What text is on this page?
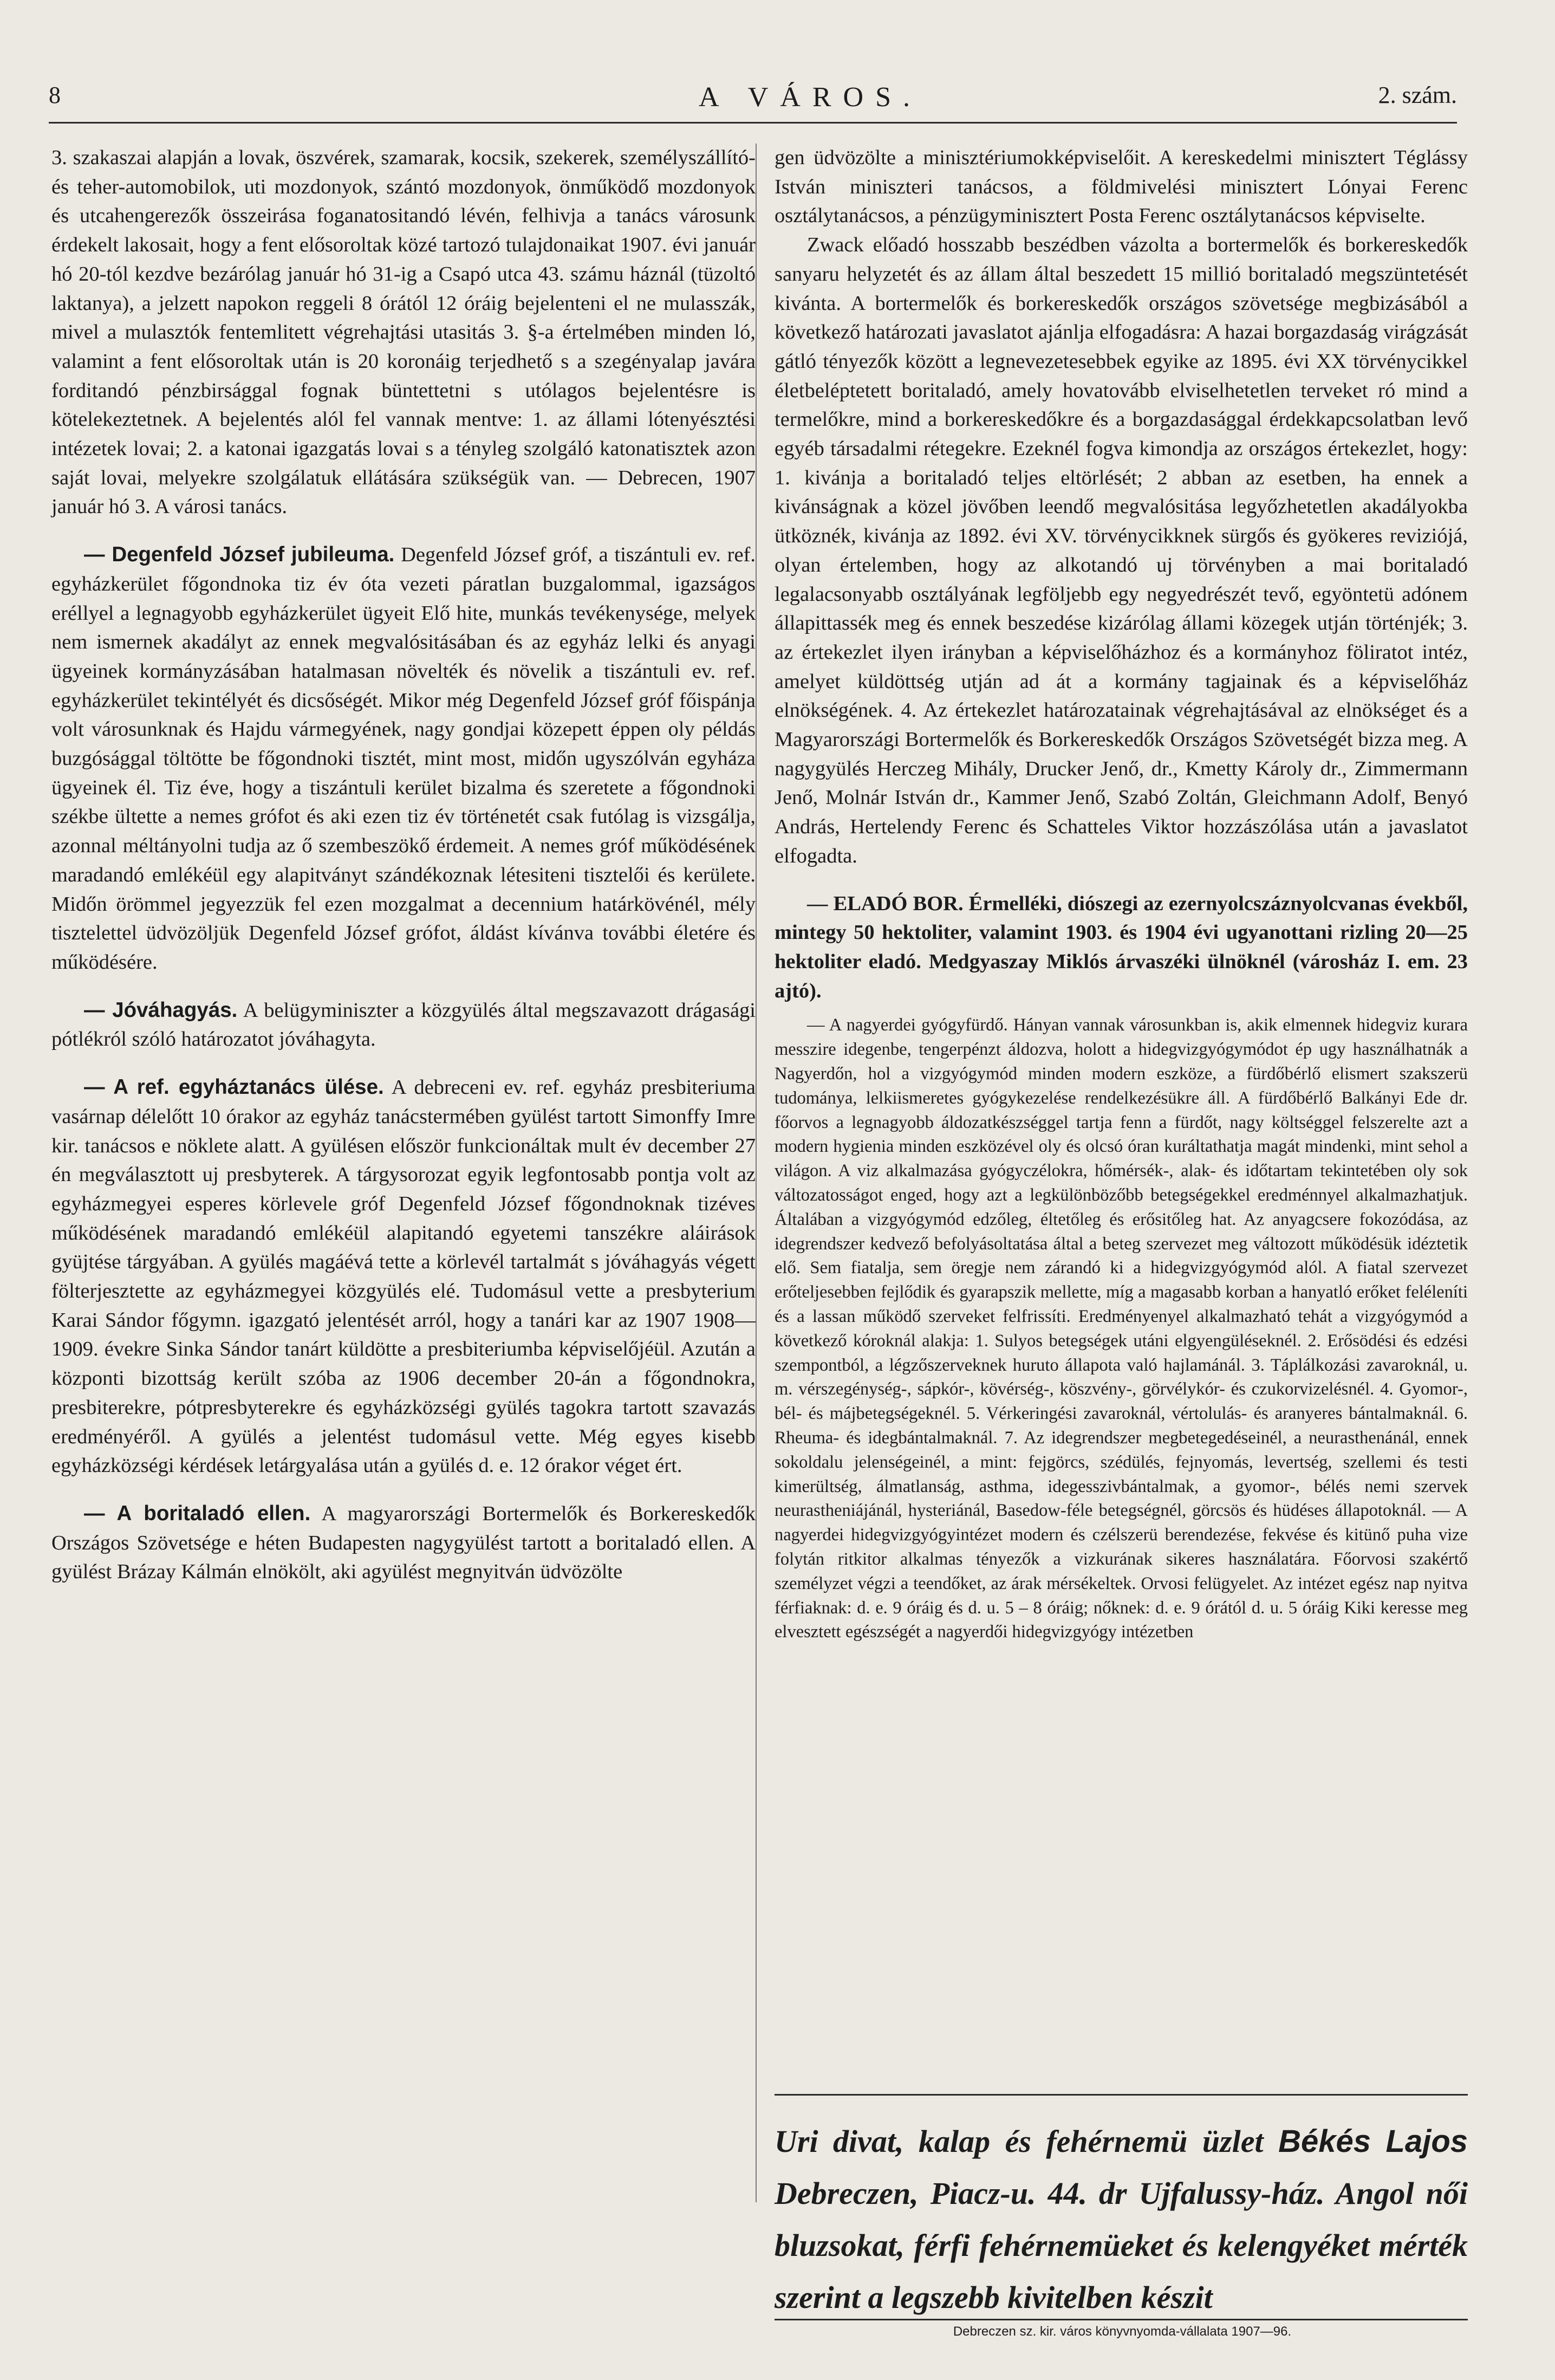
8	A VÁROS.	2. szám.

3. szakaszai alapján a lovak, öszvérek, szamarak, kocsik, szekerek, személyszállító- és teher-automobilok, uti mozdonyok, szántó mozdonyok, önműködő mozdonyok és utcahengerezők összeirása foganatositandó lévén, felhivja a tanács városunk érdekelt lakosait, hogy a fent elősoroltak közé tartozó tulajdonaikat 1907. évi január hó 20-tól kezdve bezárólag január hó 31-ig a Csapó utca 43. számu háznál (tüzoltó laktanya), a jelzett napokon reggeli 8 órától 12 óráig bejelenteni el ne mulasszák, mivel a mulasztók fentemlitett végrehajtási utasitás 3. §-a értelmében minden ló, valamint a fent elősoroltak után is 20 koronáig terjedhető s a szegényalap javára forditandó pénzbirsággal fognak büntettetni s utólagos bejelentésre is kötelekeztetnek. A bejelentés alól fel vannak mentve: 1. az állami lótenyésztési intézetek lovai; 2. a katonai igazgatás lovai s a tényleg szolgáló katonatisztek azon saját lovai, melyekre szolgálatuk ellátására szükségük van. — Debrecen, 1907 január hó 3. A városi tanács.

— Degenfeld József jubileuma. Degenfeld József gróf, a tiszántuli ev. ref. egyházkerület főgondnoka tiz év óta vezeti páratlan buzgalommal, igazságos eréllyel a legnagyobb egyházkerület ügyeit Elő hite, munkás tevékenysége, melyek nem ismernek akadályt az ennek megvalósitásában és az egyház lelki és anyagi ügyeinek kormányzásában hatalmasan növelték és növelik a tiszántuli ev. ref. egyházkerület tekintélyét és dicsőségét. Mikor még Degenfeld József gróf főispánja volt városunknak és Hajdu vármegyének, nagy gondjai közepett éppen oly példás buzgósággal töltötte be főgondnoki tisztét, mint most, midőn ugyszólván egyháza ügyeinek él. Tiz éve, hogy a tiszántuli kerület bizalma és szeretete a főgondnoki székbe ültette a nemes grófot és aki ezen tiz év történetét csak futólag is vizsgálja, azonnal méltányolni tudja az ő szembeszökő érdemeit. A nemes gróf működésének maradandó emlékéül egy alapitványt szándékoznak létesiteni tisztelői és kerülete. Midőn örömmel jegyezzük fel ezen mozgalmat a decennium határkövénél, mély tisztelettel üdvözöljük Degenfeld József grófot, áldást kívánva további életére és működésére.

— Jóváhagyás. A belügyminiszter a közgyülés által megszavazott drágasági pótlékról szóló határozatot jóváhagyta.

— A ref. egyháztanács ülése. A debreceni ev. ref. egyház presbiteriuma vasárnap délelőtt 10 órakor az egyház tanácstermében gyülést tartott Simonffy Imre kir. tanácsos e nöklete alatt. A gyülésen először funkcionáltak mult év december 27 én megválasztott uj presbyterek. A tárgysorozat egyik legfontosabb pontja volt az egyházmegyei esperes körlevele gróf Degenfeld József főgondnoknak tizéves működésének maradandó emlékéül alapitandó egyetemi tanszékre aláirások gyüjtése tárgyában. A gyülés magáévá tette a körlevél tartalmát s jóváhagyás végett fölterjesztette az egyházmegyei közgyülés elé. Tudomásul vette a presbyterium Karai Sándor főgymn. igazgató jelentését arról, hogy a tanári kar az 1907 1908—1909. évekre Sinka Sándor tanárt küldötte a presbiteriumba képviselőjéül. Azután a központi bizottság került szóba az 1906 december 20-án a főgondnokra, presbiterekre, pótpresbyterekre és egyházközségi gyülés tagokra tartott szavazás eredményéről. A gyülés a jelentést tudomásul vette. Még egyes kisebb egyházközségi kérdések letárgyalása után a gyülés d. e. 12 órakor véget ért.

— A boritaladó ellen. A magyarországi Bortermelők és Borkereskedők Országos Szövetsége e héten Budapesten nagygyülést tartott a boritaladó ellen. A gyülést Brázay Kálmán elnökölt, aki agyülést megnyitván üdvözölte

gen üdvözölte a minisztériumokképviselőit. A kereskedelmi minisztert Téglássy István miniszteri tanácsos, a földmivelési minisztert Lónyai Ferenc osztálytanácsos, a pénzügyminisztert Posta Ferenc osztálytanácsos képviselte.

Zwack előadó hosszabb beszédben vázolta a bortermelők és borkereskedők sanyaru helyzetét és az állam által beszedett 15 millió boritaladó megszüntetését kivánta. A bortermelők és borkereskedők országos szövetsége megbizásából a következő határozati javaslatot ajánlja elfogadásra: A hazai borgazdaság virágzását gátló tényezők között a legnevezetesebbek egyike az 1895. évi XX törvénycikkel életbeléptetett boritaladó, amely hovatovább elviselhetetlen terveket ró mind a termelőkre, mind a borkereskedőkre és a borgazdasággal érdekkapcsolatban levő egyéb társadalmi rétegekre. Ezeknél fogva kimondja az országos értekezlet, hogy: 1. kivánja a boritaladó teljes eltörlését; 2 abban az esetben, ha ennek a kivánságnak a közel jövőben leendő megvalósitása legyőzhetetlen akadályokba ütköznék, kivánja az 1892. évi XV. törvénycikknek sürgős és gyökeres reviziójá, olyan értelemben, hogy az alkotandó uj törvényben a mai boritaladó legalacsonyabb osztályának legföljebb egy negyedrészét tevő, egyöntetü adónem állapittassék meg és ennek beszedése kizárólag állami közegek utján történjék; 3. az értekezlet ilyen irányban a képviselőházhoz és a kormányhoz föliratot intéz, amelyet küldöttség utján ad át a kormány tagjainak és a képviselőház elnökségének. 4. Az értekezlet határozatainak végrehajtásával az elnökséget és a Magyarországi Bortermelők és Borkereskedők Országos Szövetségét bizza meg. A nagygyülés Herczeg Mihály, Drucker Jenő, dr., Kmetty Károly dr., Zimmermann Jenő, Molnár István dr., Kammer Jenő, Szabó Zoltán, Gleichmann Adolf, Benyó András, Hertelendy Ferenc és Schatteles Viktor hozzászólása után a javaslatot elfogadta.

— ELADÓ BOR. Érmelléki, diószegi az ezernyolcszáznyolcvanas évekből, mintegy 50 hektoliter, valamint 1903. és 1904 évi ugyanottani rizling 20—25 hektoliter eladó. Medgyaszay Miklós árvaszéki ülnöknél (városház I. em. 23 ajtó).

— A nagyerdei gyógyfürdő. Hányan vannak városunkban is, akik elmennek hidegviz kurara messzire idegenbe, tengerpénzt áldozva, holott a hidegvizgyógymódot ép ugy használhatnák a Nagyerdőn, hol a vizgyógymód minden modern eszköze, a fürdőbérlő elismert szakszerü tudománya, lelkiismeretes gyógykezelése rendelkezésükre áll. A fürdőbérlő Balkányi Ede dr. főorvos a legnagyobb áldozatkészséggel tartja fenn a fürdőt, nagy költséggel felszerelte azt a modern hygienia minden eszközével oly és olcsó óran kuráltathatja magát mindenki, mint sehol a világon. A viz alkalmazása gyógyczélokra, hőmérsék-, alak- és időtartam tekintetében oly sok változatosságot enged, hogy azt a legkülönbözőbb betegségekkel eredménnyel alkalmazhatjuk. Általában a vizgyógymód edzőleg, éltetőleg és erősitőleg hat. Az anyagcsere fokozódása, az idegrendszer kedvező befolyásoltatása által a beteg szervezet meg változott működésük idéztetik elő. Sem fiatalja, sem öregje nem zárandó ki a hidegvizgyógymód alól. A fiatal szervezet erőteljesebben fejlődik és gyarapszik mellette, míg a magasabb korban a hanyatló erőket feléleníti és a lassan működő szerveket felfrissíti. Eredményenyel alkalmazható tehát a vizgyógymód a következő kóroknál alakja: 1. Sulyos betegségek utáni elgyengüléseknél. 2. Erősödési és edzési szempontból, a légzőszerveknek huruto állapota való hajlamánál. 3. Táplálkozási zavaroknál, u. m. vérszegénység-, sápkór-, kövérség-, köszvény-, görvélykór- és czukorvizelésnél. 4. Gyomor-, bél- és májbetegségeknél. 5. Vérkeringési zavaroknál, vértolulás- és aranyeres bántalmaknál. 6. Rheuma- és idegbántalmaknál. 7. Az idegrendszer megbetegedéseinél, a neurasthenánál, ennek sokoldalu jelenségeinél, a mint: fejgörcs, szédülés, fejnyomás, levertség, szellemi és testi kimerültség, álmatlanság, asthma, idegesszivbántalmak, a gyomor-, bélés nemi szervek neurastheniájánál, hysteriánál, Basedow-féle betegségnél, görcsös és hüdéses állapotoknál. — A nagyerdei hidegvizgyógyintézet modern és czélszerü berendezése, fekvése és kitünő puha vize folytán ritkitor alkalmas tényezők a vizkurának sikeres használatára. Főorvosi szakértő személyzet végzi a teendőket, az árak mérsékeltek. Orvosi felügyelet. Az intézet egész nap nyitva férfiaknak: d. e. 9 óráig és d. u. 5 – 8 óráig; nőknek: d. e. 9 órától d. u. 5 óráig Kiki keresse meg elvesztett egészségét a nagyerdői hidegvizgyógy intézetben

Uri divat, kalap és fehérnemü üzlet Békés Lajos Debreczen, Piacz-u. 44. dr Ujfalussy-ház. Angol női bluzsokat, férfi fehérnemüeket és kelengyéket mérték szerint a legszebb kivitelben készit
Debreczen sz. kir. város könyvnyomda-vállalata 1907—96.
